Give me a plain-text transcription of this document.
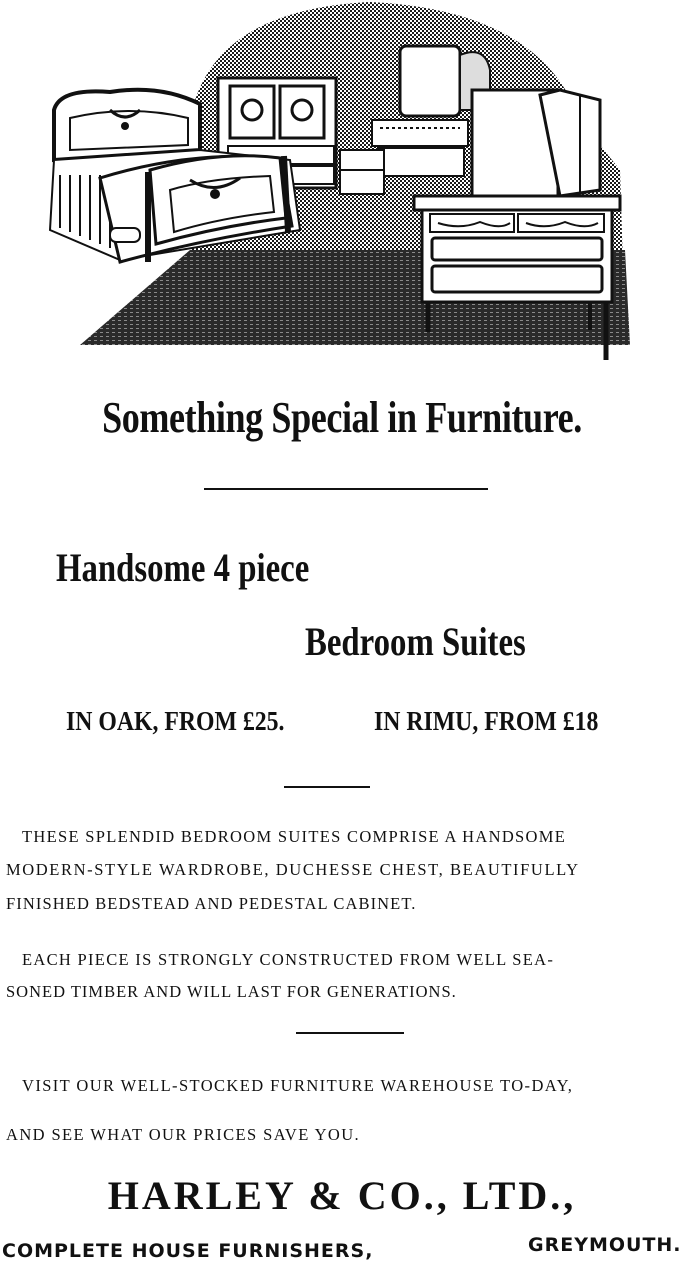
Something Special in Furniture.
Handsome 4 piece
Bedroom Suites
IN OAK, FROM £25.	IN RIMU, FROM £18
THESE SPLENDID BEDROOM SUITES COMPRISE A HANDSOME
MODERN-STYLE WARDROBE, DUCHESSE CHEST, BEAUTIFULLY
FINISHED BEDSTEAD AND PEDESTAL CABINET.
EACH PIECE IS STRONGLY CONSTRUCTED FROM WELL SEA-
SONED TIMBER AND WILL LAST FOR GENERATIONS.
VISIT OUR WELL-STOCKED FURNITURE WAREHOUSE TO-DAY,
AND SEE WHAT OUR PRICES SAVE YOU.
HARLEY & CO., LTD.,
COMPLETE HOUSE FURNISHERS,	GREYMOUTH.
